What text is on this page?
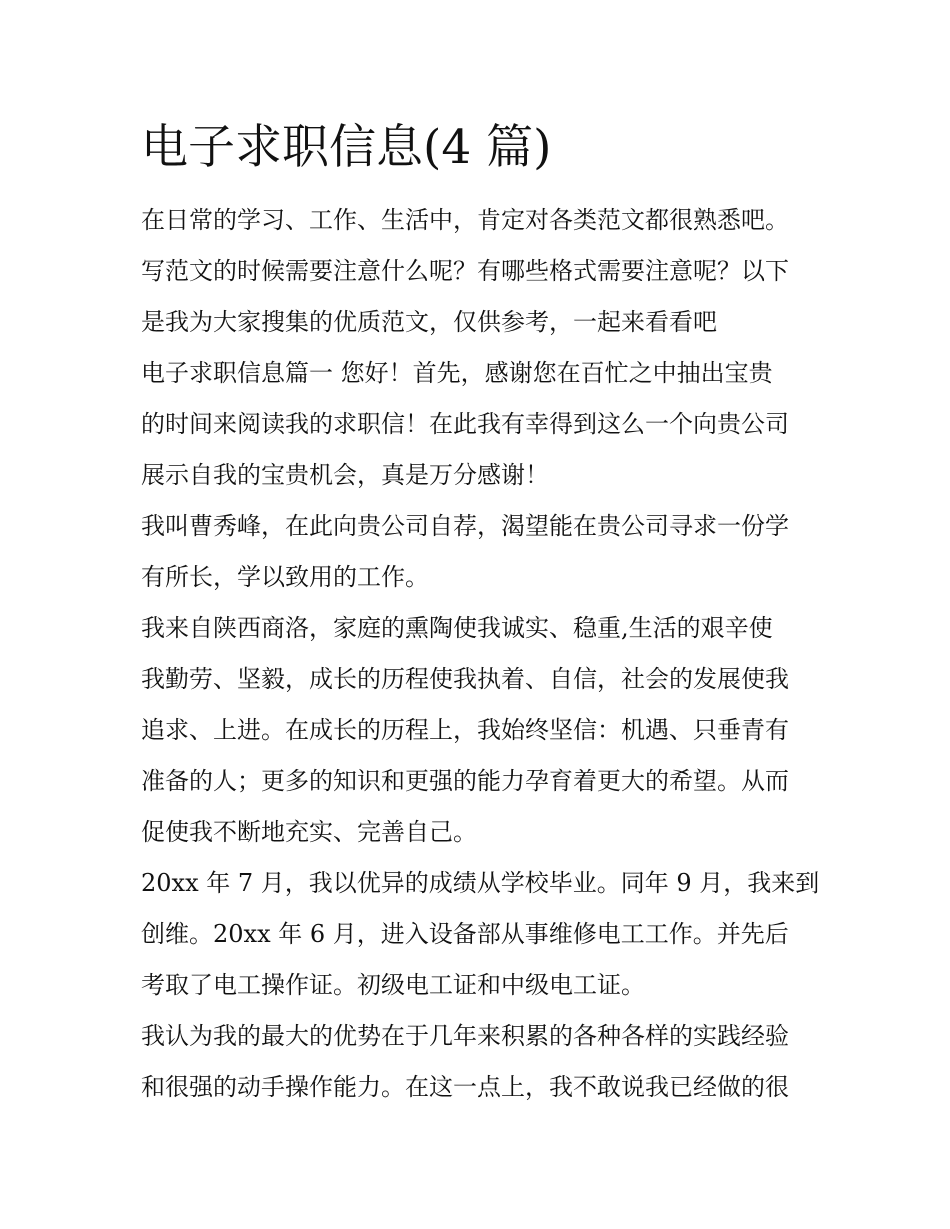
电子求职信息(4 篇)
在日常的学习、工作、生活中，肯定对各类范文都很熟悉吧。
写范文的时候需要注意什么呢？有哪些格式需要注意呢？以下
是我为大家搜集的优质范文，仅供参考，一起来看看吧
电子求职信息篇一 您好！首先，感谢您在百忙之中抽出宝贵
的时间来阅读我的求职信！在此我有幸得到这么一个向贵公司
展示自我的宝贵机会，真是万分感谢！
我叫曹秀峰，在此向贵公司自荐，渴望能在贵公司寻求一份学
有所长，学以致用的工作。
我来自陕西商洛，家庭的熏陶使我诚实、稳重,生活的艰辛使
我勤劳、坚毅，成长的历程使我执着、自信，社会的发展使我
追求、上进。在成长的历程上，我始终坚信：机遇、只垂青有
准备的人；更多的知识和更强的能力孕育着更大的希望。从而
促使我不断地充实、完善自己。
20xx 年 7 月，我以优异的成绩从学校毕业。同年 9 月，我来到
创维。20xx 年 6 月，进入设备部从事维修电工工作。并先后
考取了电工操作证。初级电工证和中级电工证。
我认为我的最大的优势在于几年来积累的各种各样的实践经验
和很强的动手操作能力。在这一点上，我不敢说我已经做的很
